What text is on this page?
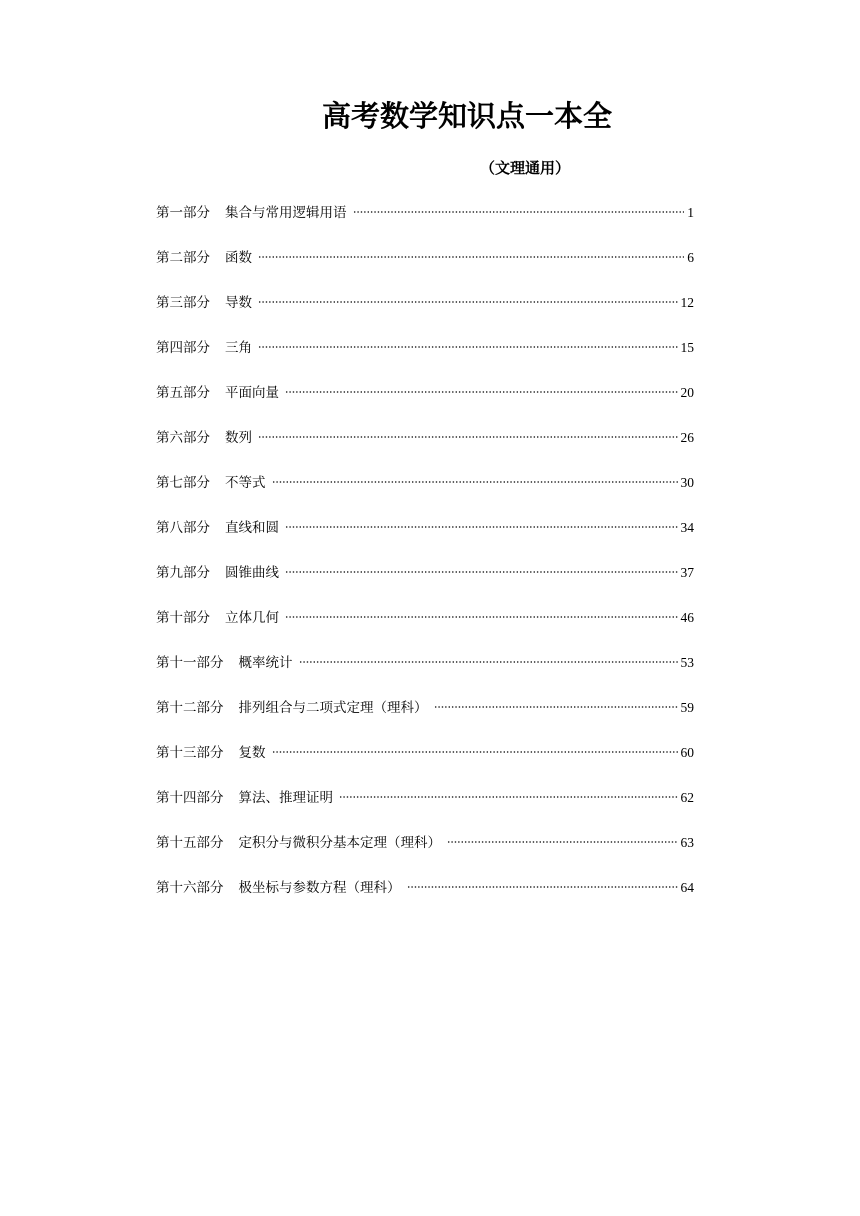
高考数学知识点一本全
（文理通用）
第一部分 集合与常用逻辑用语	1
第二部分 函数	6
第三部分 导数	12
第四部分 三角	15
第五部分 平面向量	20
第六部分 数列	26
第七部分 不等式	30
第八部分 直线和圆	34
第九部分 圆锥曲线	37
第十部分 立体几何	46
第十一部分 概率统计	53
第十二部分 排列组合与二项式定理（理科）	59
第十三部分 复数	60
第十四部分 算法、推理证明	62
第十五部分 定积分与微积分基本定理（理科）	63
第十六部分 极坐标与参数方程（理科）	64
